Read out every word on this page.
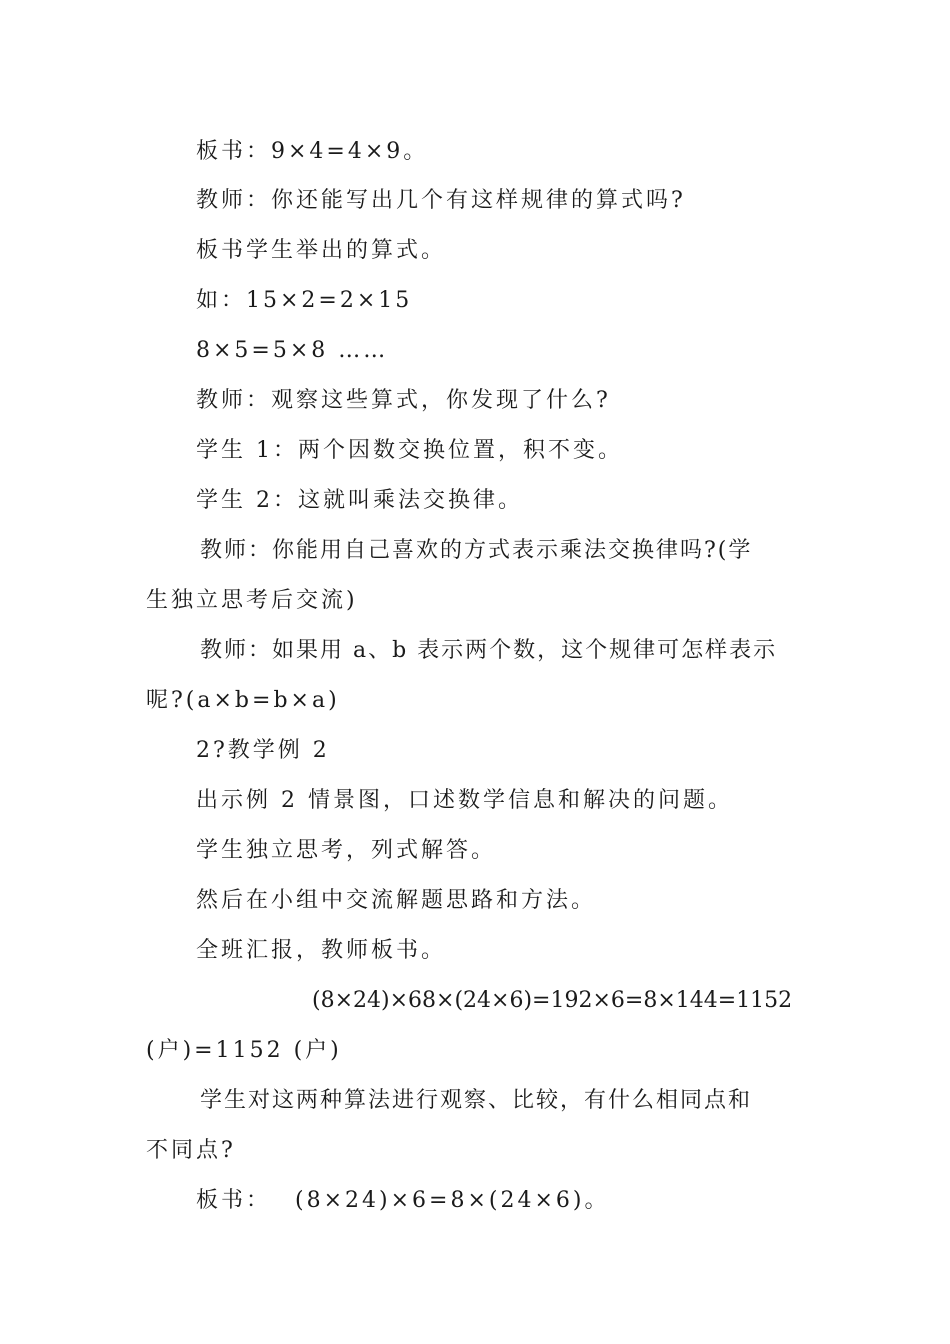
板书：9×4=4×9。
教师：你还能写出几个有这样规律的算式吗?
板书学生举出的算式。
如：15×2=2×15
8×5=5×8 ……
教师：观察这些算式，你发现了什么?
学生 1：两个因数交换位置，积不变。
学生 2：这就叫乘法交换律。
教师：你能用自己喜欢的方式表示乘法交换律吗?(学
生独立思考后交流)
教师：如果用 a、b 表示两个数，这个规律可怎样表示
呢?(a×b=b×a)
2?教学例 2
出示例 2 情景图，口述数学信息和解决的问题。
学生独立思考，列式解答。
然后在小组中交流解题思路和方法。
全班汇报，教师板书。
(8×24)×68×(24×6)=192×6=8×144=1152
(户)=1152 (户)
学生对这两种算法进行观察、比较，有什么相同点和
不同点?
板书：　 (8×24)×6=8×(24×6)。
